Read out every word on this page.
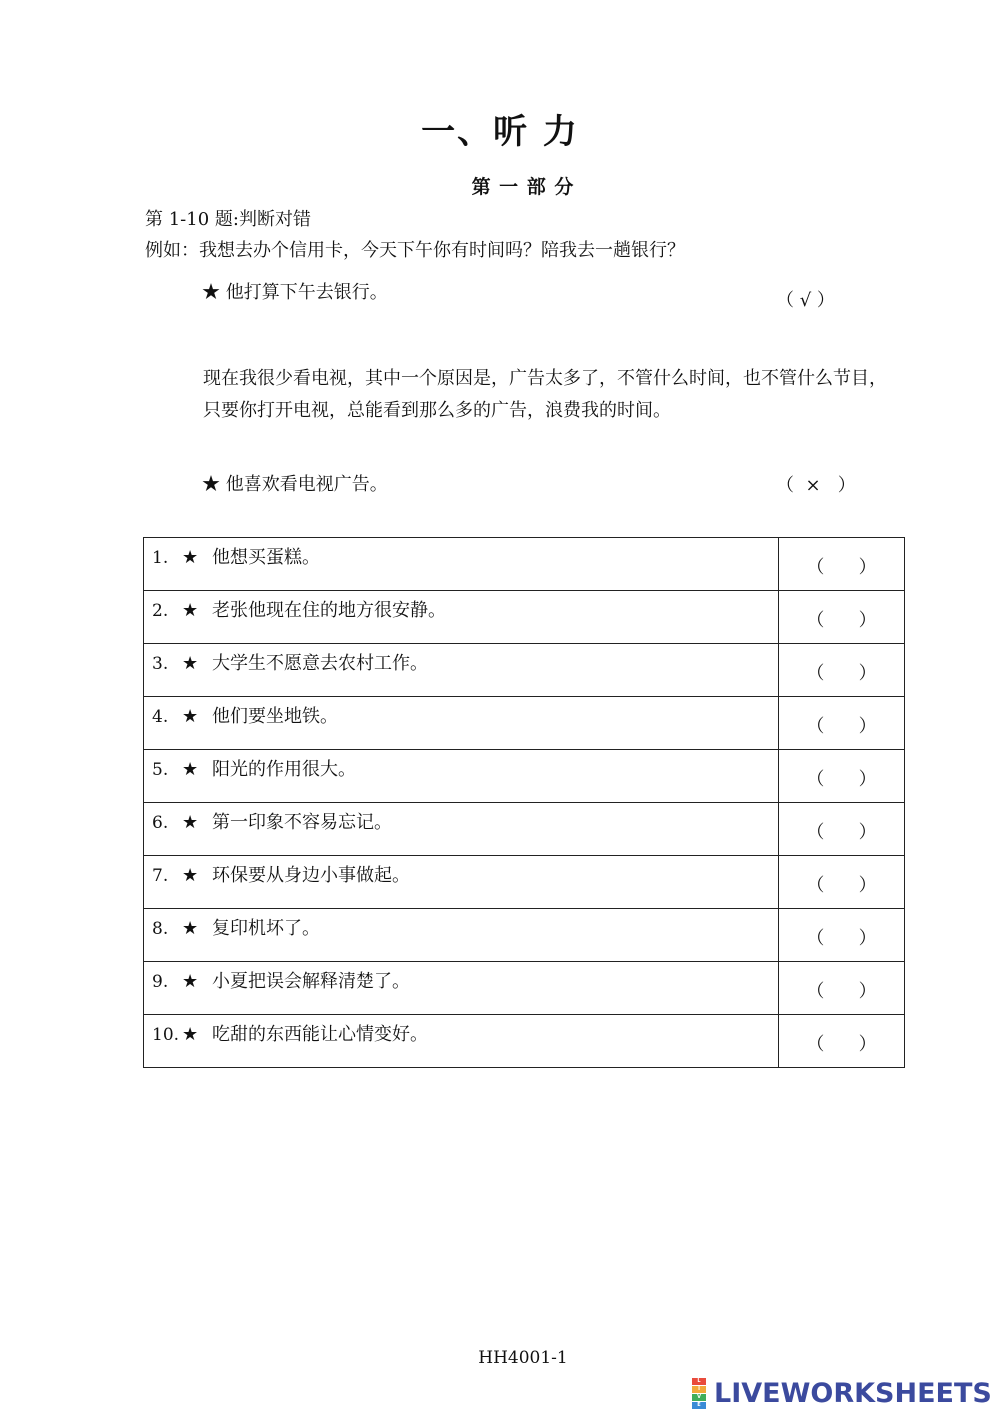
一、听 力
第 一 部 分
第 1-10 题:判断对错
例如：我想去办个信用卡，今天下午你有时间吗？陪我去一趟银行？
★ 他打算下午去银行。	（ √ ）
现在我很少看电视，其中一个原因是，广告太多了，不管什么时间，也不管什么节目，只要你打开电视，总能看到那么多的广告，浪费我的时间。
★ 他喜欢看电视广告。	（  ×   ）
1. ★ 他想买蛋糕。	（      ）
2. ★ 老张他现在住的地方很安静。	（      ）
3. ★ 大学生不愿意去农村工作。	（      ）
4. ★ 他们要坐地铁。	（      ）
5. ★ 阳光的作用很大。	（      ）
6. ★ 第一印象不容易忘记。	（      ）
7. ★ 环保要从身边小事做起。	（      ）
8. ★ 复印机坏了。	（      ）
9. ★ 小夏把误会解释清楚了。	（      ）
10. ★ 吃甜的东西能让心情变好。	（      ）
HH4001-1
L
I
V
E LIVEWORKSHEETS
